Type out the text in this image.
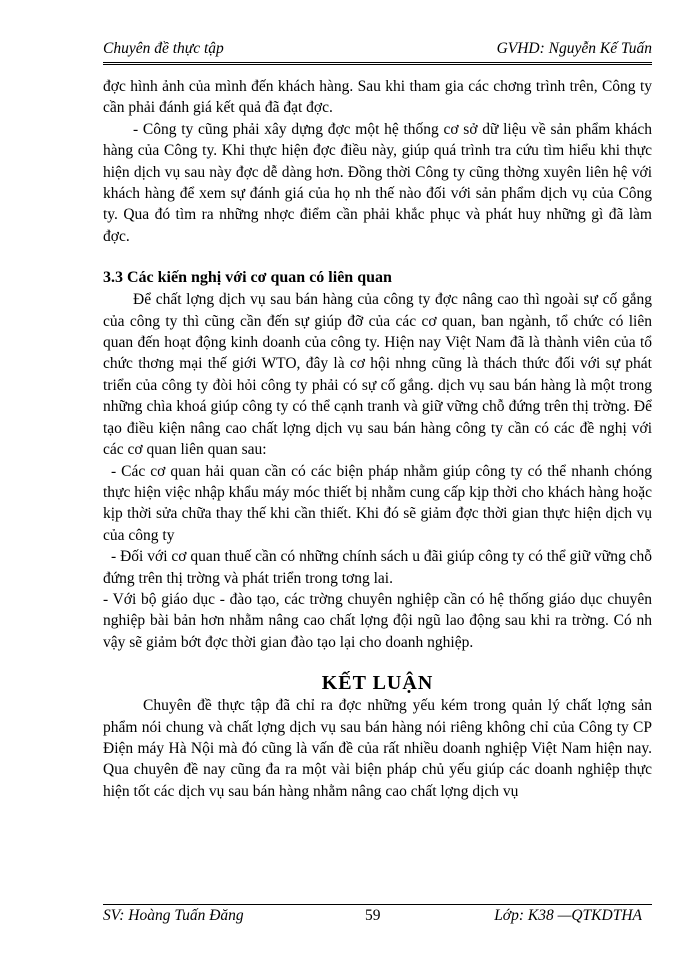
Chuyên đề thực tập	GVHD: Nguyễn Kế Tuấn

đợc hình ảnh của mình đến khách hàng. Sau khi tham gia các chơng trình trên, Công ty cần phải đánh giá kết quả đã đạt đợc.

- Công ty cũng phải xây dựng đợc một hệ thống cơ sở dữ liệu về sản phẩm khách hàng của Công ty. Khi thực hiện đợc điều này, giúp quá trình tra cứu tìm hiểu khi thực hiện dịch vụ sau này đợc dễ dàng hơn. Đồng thời Công ty cũng thờng xuyên liên hệ với khách hàng để xem sự đánh giá của họ nh thế nào đối với sản phẩm dịch vụ của Công ty. Qua đó tìm ra những nhợc điểm cần phải khắc phục và phát huy những gì đã làm đợc.

3.3 Các kiến nghị với cơ quan có liên quan

Để chất lợng dịch vụ sau bán hàng của công ty đợc nâng cao thì ngoài sự cố gắng của công ty thì cũng cần đến sự giúp đỡ của các cơ quan, ban ngành, tổ chức có liên quan đến hoạt động kinh doanh của công ty. Hiện nay Việt Nam đã là thành viên của tổ chức thơng mại thế giới WTO, đây là cơ hội nhng cũng là thách thức đối với sự phát triển của công ty đòi hỏi công ty phải có sự cố gắng. dịch vụ sau bán hàng là một trong những chìa khoá giúp công ty có thể cạnh tranh và giữ vững chỗ đứng trên thị trờng. Để tạo điều kiện nâng cao chất lợng dịch vụ sau bán hàng công ty cần có các đề nghị với các cơ quan liên quan sau:

- Các cơ quan hải quan cần có các biện pháp nhằm giúp công ty có thể nhanh chóng thực hiện việc nhập khẩu máy móc thiết bị nhằm cung cấp kịp thời cho khách hàng hoặc kịp thời sửa chữa thay thế khi cần thiết. Khi đó sẽ giảm đợc thời gian thực hiện dịch vụ của công ty

- Đối với cơ quan thuế cần có những chính sách u đãi giúp công ty có thể giữ vững chỗ đứng trên thị trờng và phát triển trong tơng lai.

- Với bộ giáo dục - đào tạo, các trờng chuyên nghiệp cần có hệ thống giáo dục chuyên nghiệp bài bản hơn nhằm nâng cao chất lợng đội ngũ lao động sau khi ra trờng. Có nh vậy sẽ giảm bớt đợc thời gian đào tạo lại cho doanh nghiệp.

KẾT LUẬN

Chuyên đề thực tập đã chỉ ra đợc những yếu kém trong quản lý chất lợng sản phẩm nói chung và chất lợng dịch vụ sau bán hàng nói riêng không chỉ của Công ty CP Điện máy Hà Nội mà đó cũng là vấn đề của rất nhiều doanh nghiệp Việt Nam hiện nay. Qua chuyên đề nay cũng đa ra một vài biện pháp chủ yếu giúp các doanh nghiệp thực hiện tốt các dịch vụ sau bán hàng nhằm nâng cao chất lợng dịch vụ

SV: Hoàng Tuấn Đăng	59	Lớp: K38 —QTKDTHA
